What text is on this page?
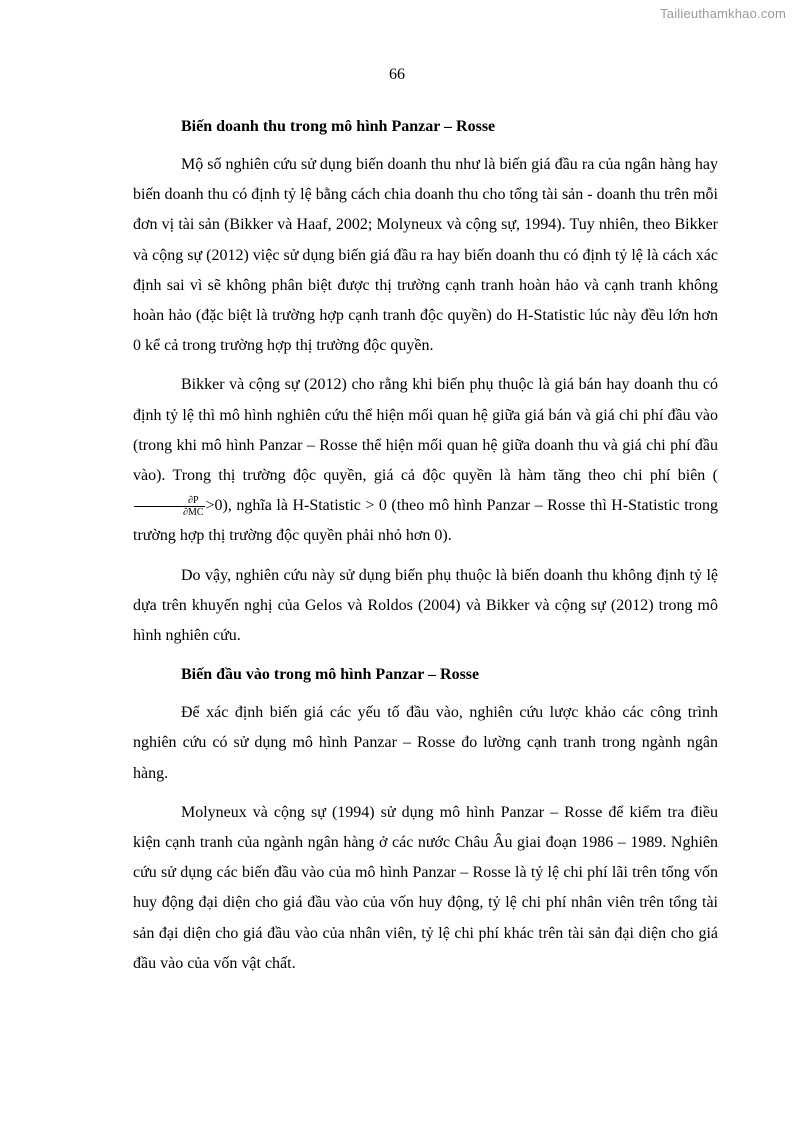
Tailieuthamkhao.com
66
Biến doanh thu trong mô hình Panzar – Rosse

Mộ số nghiên cứu sử dụng biến doanh thu như là biến giá đầu ra của ngân hàng hay biến doanh thu có định tỷ lệ bằng cách chia doanh thu cho tổng tài sản - doanh thu trên mỗi đơn vị tài sản (Bikker và Haaf, 2002; Molyneux và cộng sự, 1994). Tuy nhiên, theo Bikker và cộng sự (2012) việc sử dụng biến giá đầu ra hay biến doanh thu có định tỷ lệ là cách xác định sai vì sẽ không phân biệt được thị trường cạnh tranh hoàn hảo và cạnh tranh không hoàn hảo (đặc biệt là trường hợp cạnh tranh độc quyền) do H-Statistic lúc này đều lớn hơn 0 kể cả trong trường hợp thị trường độc quyền.

Bikker và cộng sự (2012) cho rằng khi biến phụ thuộc là giá bán hay doanh thu có định tỷ lệ thì mô hình nghiên cứu thể hiện mối quan hệ giữa giá bán và giá chi phí đầu vào (trong khi mô hình Panzar – Rosse thể hiện mối quan hệ giữa doanh thu và giá chi phí đầu vào). Trong thị trường độc quyền, giá cả độc quyền là hàm tăng theo chi phí biên (
$\frac{\partial P}{\partial MC} >0$), nghĩa là H-Statistic > 0 (theo mô hình Panzar – Rosse thì H-Statistic trong trường hợp thị trường độc quyền phải nhỏ hơn 0).

Do vậy, nghiên cứu này sử dụng biến phụ thuộc là biến doanh thu không định tỷ lệ dựa trên khuyến nghị của Gelos và Roldos (2004) và Bikker và cộng sự (2012) trong mô hình nghiên cứu.

Biến đầu vào trong mô hình Panzar – Rosse

Để xác định biến giá các yếu tố đầu vào, nghiên cứu lược khảo các công trình nghiên cứu có sử dụng mô hình Panzar – Rosse đo lường cạnh tranh trong ngành ngân hàng.

Molyneux và cộng sự (1994) sử dụng mô hình Panzar – Rosse để kiểm tra điều kiện cạnh tranh của ngành ngân hàng ở các nước Châu Âu giai đoạn 1986 – 1989. Nghiên cứu sử dụng các biến đầu vào của mô hình Panzar – Rosse là tỷ lệ chi phí lãi trên tổng vốn huy động đại diện cho giá đầu vào của vốn huy động, tỷ lệ chi phí nhân viên trên tổng tài sản đại diện cho giá đầu vào của nhân viên, tỷ lệ chi phí khác trên tài sản đại diện cho giá đầu vào của vốn vật chất.
